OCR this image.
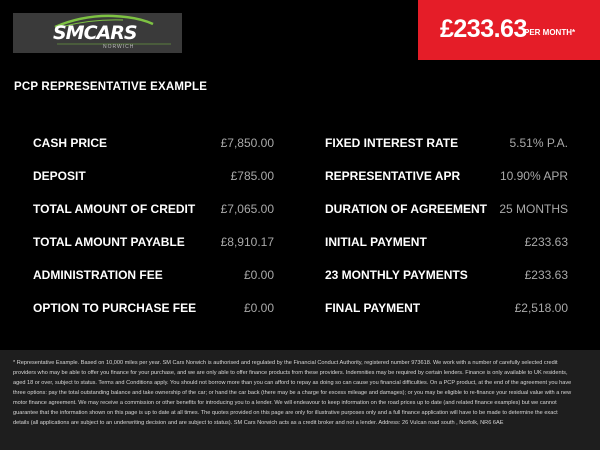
SMCARS
NORWICH
£233.63
PER MONTH*
PCP REPRESENTATIVE EXAMPLE
CASH PRICE	£7,850.00
DEPOSIT	£785.00
TOTAL AMOUNT OF CREDIT £7,065.00
TOTAL AMOUNT PAYABLE	£8,910.17
ADMINISTRATION FEE	£0.00
OPTION TO PURCHASE FEE	£0.00
FIXED INTEREST RATE	5.51% P.A.
REPRESENTATIVE APR	10.90% APR
DURATION OF AGREEMENT 25 MONTHS
INITIAL PAYMENT	£233.63
23 MONTHLY PAYMENTS	£233.63
FINAL PAYMENT	£2,518.00
* Representative Example. Based on 10,000 miles per year. SM Cars Norwich is authorised and regulated by the Financial Conduct Authority, registered number 973618. We work with a number of carefully selected credit providers who may be able to offer you finance for your purchase, and we are only able to offer finance products from these providers. Indemnities may be required by certain lenders. Finance is only available to UK residents, aged 18 or over, subject to status. Terms and Conditions apply. You should not borrow more than you can afford to repay as doing so can cause you financial difficulties. On a PCP product, at the end of the agreement you have three options: pay the total outstanding balance and take ownership of the car; or hand the car back (there may be a charge for excess mileage and damages); or you may be eligible to re-finance your residual value with a new motor finance agreement. We may receive a commission or other benefits for introducing you to a lender. We will endeavour to keep information on the road prices up to date (and related finance examples) but we cannot guarantee that the information shown on this page is up to date at all times. The quotes provided on this page are only for illustrative purposes only and a full finance application will have to be made to determine the exact details (all applications are subject to an underwriting decision and are subject to status). SM Cars Norwich acts as a credit broker and not a lender. Address: 26 Vulcan road south , Norfolk, NR6 6AE
